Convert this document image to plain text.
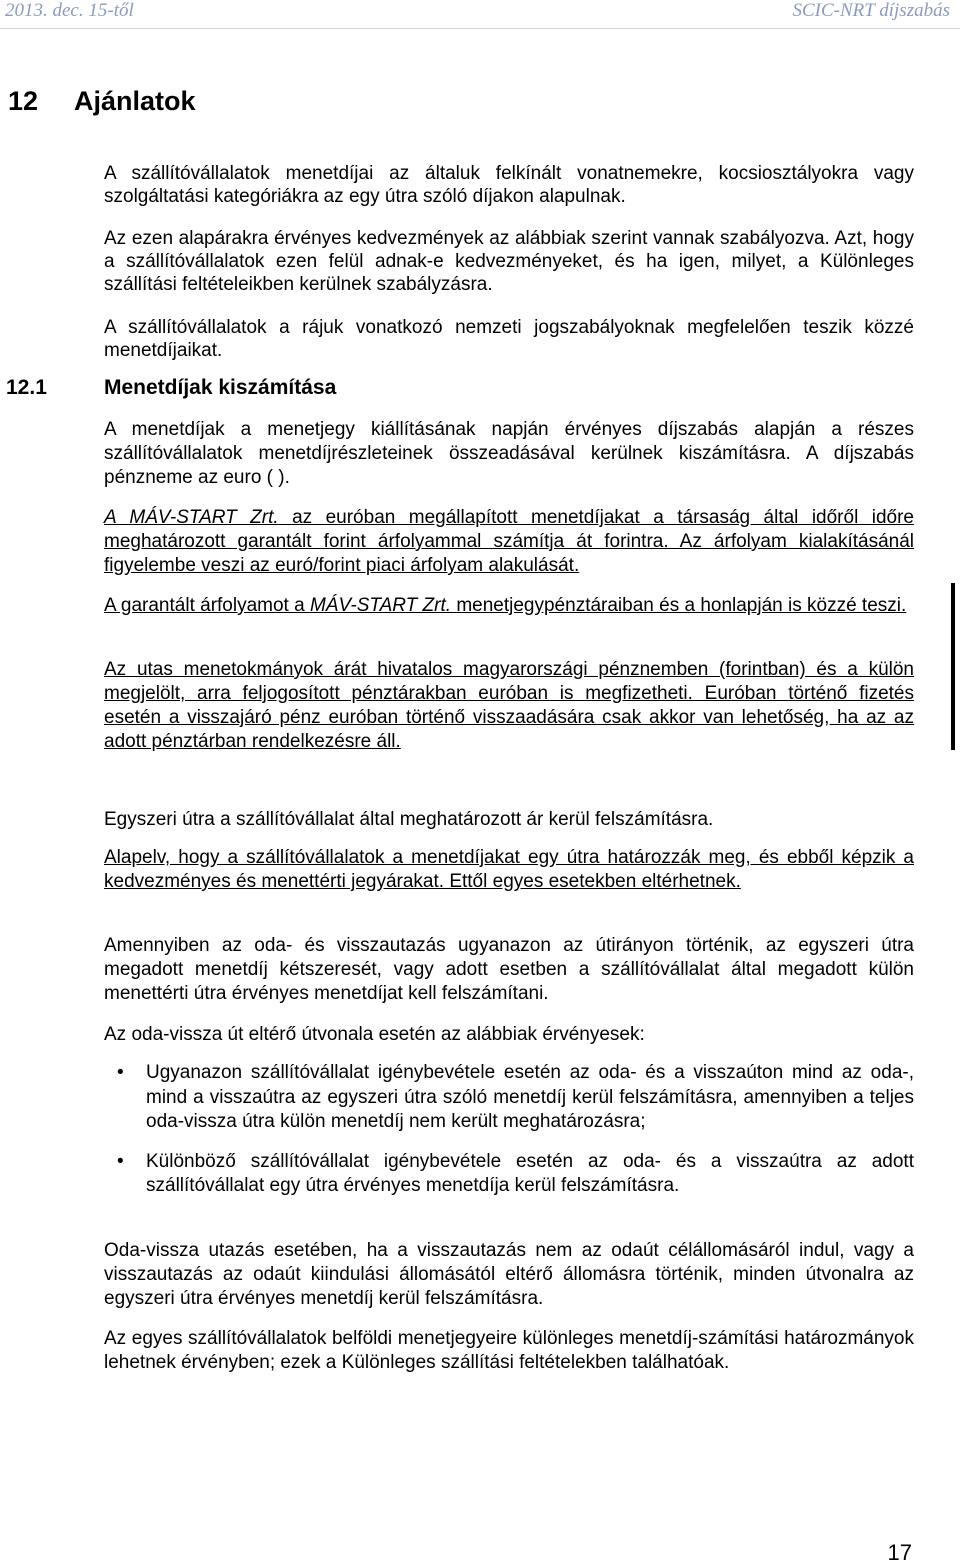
2013. dec. 15-től	SCIC-NRT díjszabás
12 Ajánlatok

A szállítóvállalatok menetdíjai az általuk felkínált vonatnemekre, kocsiosztályokra vagy szolgáltatási kategóriákra az egy útra szóló díjakon alapulnak.

Az ezen alapárakra érvényes kedvezmények az alábbiak szerint vannak szabályozva. Azt, hogy a szállítóvállalatok ezen felül adnak-e kedvezményeket, és ha igen, milyet, a Különleges szállítási feltételeikben kerülnek szabályzásra.

A szállítóvállalatok a rájuk vonatkozó nemzeti jogszabályoknak megfelelően teszik közzé menetdíjaikat.

12.1	Menetdíjak kiszámítása

A menetdíjak a menetjegy kiállításának napján érvényes díjszabás alapján a részes szállítóvállalatok menetdíjrészleteinek összeadásával kerülnek kiszámításra. A díjszabás pénzneme az euro ( ).

A MÁV-START Zrt. az euróban megállapított menetdíjakat a társaság által időről időre meghatározott garantált forint árfolyammal számítja át forintra. Az árfolyam kialakításánál figyelembe veszi az euró/forint piaci árfolyam alakulását.

A garantált árfolyamot a MÁV-START Zrt. menetjegypénztáraiban és a honlapján is közzé teszi.

Az utas menetokmányok árát hivatalos magyarországi pénznemben (forintban) és a külön megjelölt, arra feljogosított pénztárakban euróban is megfizetheti. Euróban történő fizetés esetén a visszajáró pénz euróban történő visszaadására csak akkor van lehetőség, ha az az adott pénztárban rendelkezésre áll.

Egyszeri útra a szállítóvállalat által meghatározott ár kerül felszámításra.

Alapelv, hogy a szállítóvállalatok a menetdíjakat egy útra határozzák meg, és ebből képzik a kedvezményes és menettérti jegyárakat. Ettől egyes esetekben eltérhetnek.

Amennyiben az oda- és visszautazás ugyanazon az útirányon történik, az egyszeri útra megadott menetdíj kétszeresét, vagy adott esetben a szállítóvállalat által megadott külön menettérti útra érvényes menetdíjat kell felszámítani.

Az oda-vissza út eltérő útvonala esetén az alábbiak érvényesek:

• Ugyanazon szállítóvállalat igénybevétele esetén az oda- és a visszaúton mind az oda-, mind a visszaútra az egyszeri útra szóló menetdíj kerül felszámításra, amennyiben a teljes oda-vissza útra külön menetdíj nem került meghatározásra;
• Különböző szállítóvállalat igénybevétele esetén az oda- és a visszaútra az adott szállítóvállalat egy útra érvényes menetdíja kerül felszámításra.

Oda-vissza utazás esetében, ha a visszautazás nem az odaút célállomásáról indul, vagy a visszautazás az odaút kiindulási állomásától eltérő állomásra történik, minden útvonalra az egyszeri útra érvényes menetdíj kerül felszámításra.

Az egyes szállítóvállalatok belföldi menetjegyeire különleges menetdíj-számítási határozmányok lehetnek érvényben; ezek a Különleges szállítási feltételekben találhatóak.

17
